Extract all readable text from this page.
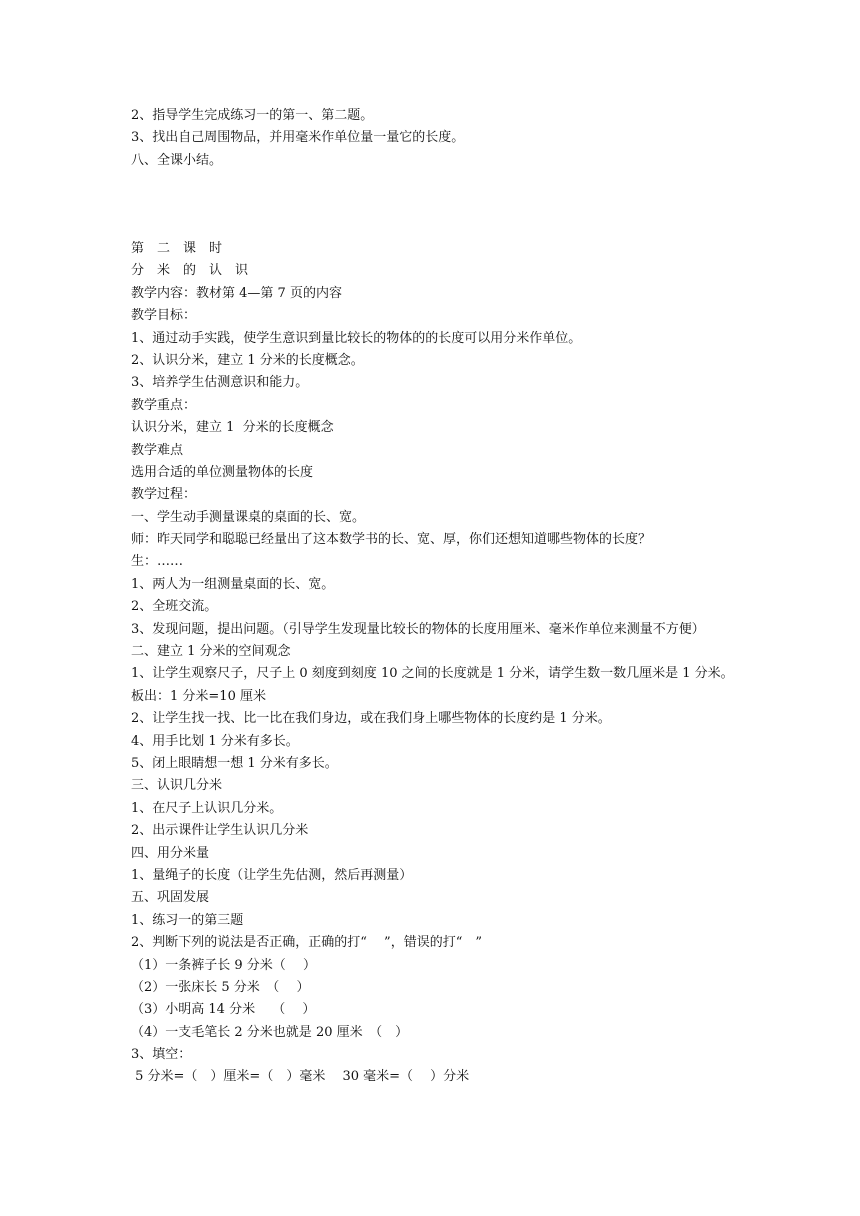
2、指导学生完成练习一的第一、第二题。
3、找出自己周围物品，并用毫米作单位量一量它的长度。
八、全课小结。
第　二　课　时
分　米　的　认　识
教学内容：教材第 4—第 7 页的内容
教学目标：
1、通过动手实践，使学生意识到量比较长的物体的的长度可以用分米作单位。
2、认识分米，建立 1 分米的长度概念。
3、培养学生估测意识和能力。
教学重点：
认识分米，建立 1  分米的长度概念
教学难点
选用合适的单位测量物体的长度
教学过程：
一、学生动手测量课桌的桌面的长、宽。
师：昨天同学和聪聪已经量出了这本数学书的长、宽、厚，你们还想知道哪些物体的长度？
生：……
1、两人为一组测量桌面的长、宽。
2、全班交流。
3、发现问题，提出问题。（引导学生发现量比较长的物体的长度用厘米、毫米作单位来测量不方便）
二、建立 1 分米的空间观念
1、让学生观察尺子，尺子上 0 刻度到刻度 10 之间的长度就是 1 分米，请学生数一数几厘米是 1 分米。
板出：1 分米=10 厘米
2、让学生找一找、比一比在我们身边，或在我们身上哪些物体的长度约是 1 分米。
4、用手比划 1 分米有多长。
5、闭上眼睛想一想 1 分米有多长。
三、认识几分米
1、在尺子上认识几分米。
2、出示课件让学生认识几分米
四、用分米量
1、量绳子的长度（让学生先估测，然后再测量）
五、巩固发展
1、练习一的第三题
2、判断下列的说法是否正确，正确的打“　 ”，错误的打“　”
（1）一条裤子长 9 分米（　 ）
（2）一张床长 5 分米　（　 ）
（3）小明高 14 分米　 （　 ）
（4）一支毛笔长 2 分米也就是 20 厘米　（　）
3、填空：
5 分米=（　）厘米=（　）毫米　 30 毫米=（　 ）分米
